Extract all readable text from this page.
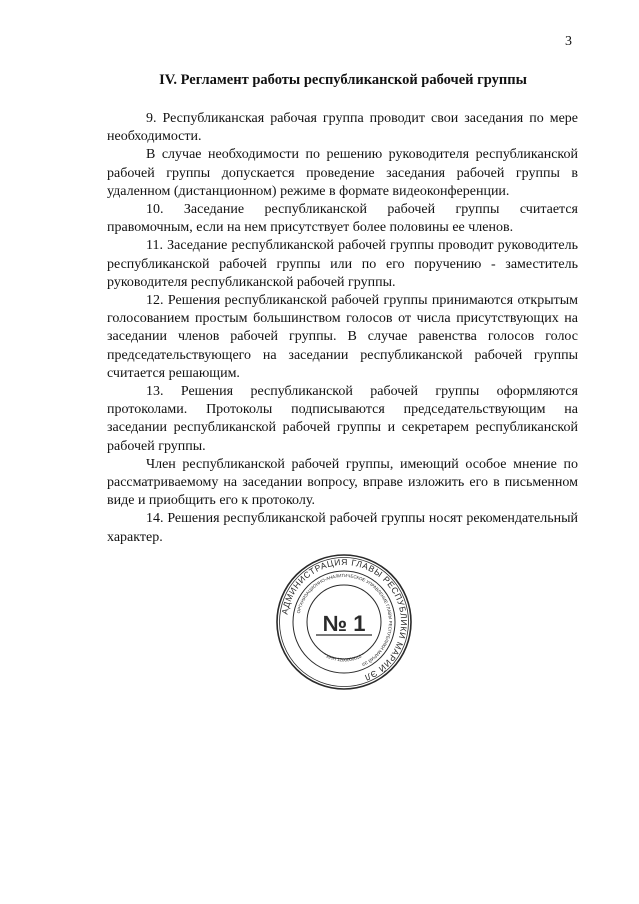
3
IV. Регламент работы республиканской рабочей группы

9. Республиканская рабочая группа проводит свои заседания по мере необходимости.

В случае необходимости по решению руководителя республиканской рабочей группы допускается проведение заседания рабочей группы в удаленном (дистанционном) режиме в формате видеоконференции.

10. Заседание республиканской рабочей группы считается правомочным, если на нем присутствует более половины ее членов.

11. Заседание республиканской рабочей группы проводит руководитель республиканской рабочей группы или по его поручению - заместитель руководителя республиканской рабочей группы.

12. Решения республиканской рабочей группы принимаются открытым голосованием простым большинством голосов от числа присутствующих на заседании членов рабочей группы. В случае равенства голосов голос председательствующего на заседании республиканской рабочей группы считается решающим.

13. Решения республиканской рабочей группы оформляются протоколами. Протоколы подписываются председательствующим на заседании республиканской рабочей группы и секретарем республиканской рабочей группы.

Член республиканской рабочей группы, имеющий особое мнение по рассматриваемому на заседании вопросу, вправе изложить его в письменном виде и приобщить его к протоколу.

14. Решения республиканской рабочей группы носят рекомендательный характер.

АДМИНИСТРАЦИЯ ГЛАВЫ РЕСПУБЛИКИ МАРИЙ ЭЛ
ОРГАНИЗАЦИОННО-АНАЛИТИЧЕСКОЕ УПРАВЛЕНИЕ ГЛАВЫ РЕСПУБЛИКИ МАРИЙ ЭЛ
* ИНН 1200000010 *
№ 1
